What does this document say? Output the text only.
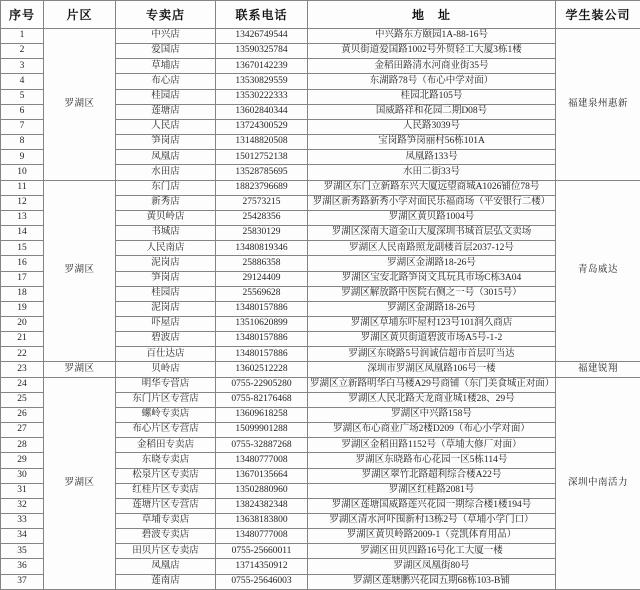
序号	片区	专卖店	联系电话	地　址	学生装公司
1	罗湖区	中兴店	13426749544	中兴路东方颐园1A-88-16号	福建泉州惠新
2		爱国店	13590325784	黄贝街道爱国路1002号外贸轻工大厦3栋1楼	
3		草埔店	13670142239	金稻田路清水河商业街35号	
4		布心店	13530829559	东湖路78号（布心中学对面）	
5		桂园店	13530222333	桂园北路105号	
6		莲塘店	13602840344	国威路祥和花园二期D08号	
7		人民店	13724300529	人民路3039号	
8		笋岗店	13148820508	宝岗路笋岗丽村56栋101A	
9		凤凰店	15012752138	凤凰路133号	
10		水田店	13528785695	水田二街33号	
11	罗湖区	东门店	18823796689	罗湖区东门立新路东兴大厦远望商城A1026铺位78号	青岛威达
12		新秀店	27573215	罗湖区新秀路新秀小学对面民乐福商场（平安银行二楼）	
13		黄贝岭店	25428356	罗湖区黄贝路1004号	
14		书城店	25830129	罗湖区深南大道金山大厦深圳书城首层弘文卖场	
15		人民南店	13480819346	罗湖区人民南路照龙副楼首层2037-12号	
16		泥岗店	25886358	罗湖区金湖路18-26号	
17		笋岗店	29124409	罗湖区宝安北路笋岗文具玩具市场C栋3A04	
18		桂园店	25569628	罗湖区解放路中医院右侧之一号（3015号）	
19		泥岗店	13480157886	罗湖区金湖路18-26号	
20		吓屋店	13510620899	罗湖区草埔东吓屋村123号101润久商店	
21		碧波店	13480157886	罗湖区黄贝街道碧波市场A5号-1-2	
22		百仕达店	13480157886	罗湖区东晓路5号润诚信超市首层叮当达	
23	罗湖区	贝岭店	13602512228	深圳市罗湖区凤凰路106号一楼	福建锐翔
24	罗湖区	明华专营店	0755-22905280	罗湖区立新路明华白马楼A29号商铺（东门美食城正对面）	深圳中南活力
25		东门片区专营店	0755-82176468	罗湖区人民北路天龙商业城1楼28、29号	
26		螺岭专卖店	13609618258	罗湖区中兴路158号	
27		布心片区专营店	15099901288	罗湖区布心商业广场2楼D209（布心小学对面）	
28		金稻田专卖店	0755-32887268	罗湖区金稻田路1152号（草埔大修厂对面）	
29		东晓专卖店	13480777008	罗湖区东晓路布心花园一区5栋114号	
30		松泉片区专卖店	13670135664	罗湖区翠竹北路超利综合楼A22号	
31		红桂片区专卖店	13502880960	罗湖区红桂路2081号	
32		莲塘片区专营店	13824382348	罗湖区莲塘国威路莲兴花园一期综合楼1楼194号	
33		草埔专卖店	13638183800	罗湖区清水河吓围新村13栋2号（草埔小学门口）	
34		碧波专卖店	13480777008	罗湖区黄贝岭路2009-1（竞凯体育用品）	
35		田贝片区专卖店	0755-25660011	罗湖区田贝四路16号化工大厦一楼	
36		凤凰店	13714350912	罗湖区凤凰街80号	
37		莲南店	0755-25646003	罗湖区莲塘鹏兴花园五期68栋103-B铺	
